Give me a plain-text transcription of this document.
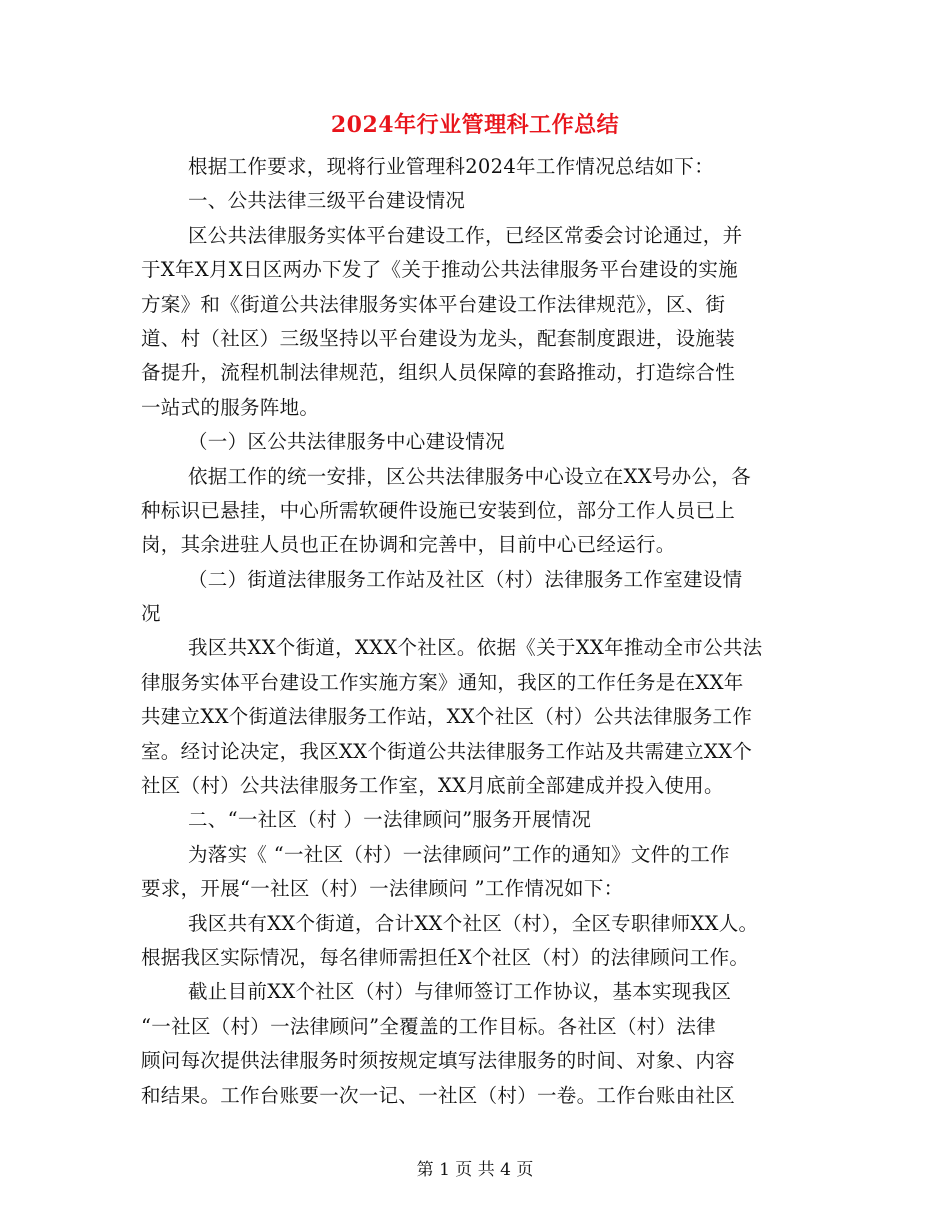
2024年行业管理科工作总结
根据工作要求，现将行业管理科2024年工作情况总结如下：
一、公共法律三级平台建设情况
区公共法律服务实体平台建设工作，已经区常委会讨论通过，并
于X年X月X日区两办下发了《关于推动公共法律服务平台建设的实施
方案》和《街道公共法律服务实体平台建设工作法律规范》，区、街
道、村（社区）三级坚持以平台建设为龙头，配套制度跟进，设施装
备提升，流程机制法律规范，组织人员保障的套路推动，打造综合性
一站式的服务阵地。
（一）区公共法律服务中心建设情况
依据工作的统一安排，区公共法律服务中心设立在XX号办公，各
种标识已悬挂，中心所需软硬件设施已安装到位，部分工作人员已上
岗，其余进驻人员也正在协调和完善中，目前中心已经运行。
（二）街道法律服务工作站及社区（村）法律服务工作室建设情
况
我区共XX个街道，XXX个社区。依据《关于XX年推动全市公共法
律服务实体平台建设工作实施方案》通知，我区的工作任务是在XX年
共建立XX个街道法律服务工作站，XX个社区（村）公共法律服务工作
室。经讨论决定，我区XX个街道公共法律服务工作站及共需建立XX个
社区（村）公共法律服务工作室，XX月底前全部建成并投入使用。
二、“一社区（村 ）一法律顾问”服务开展情况
为落实《 “一社区（村）一法律顾问”工作的通知》文件的工作
要求，开展“一社区（村）一法律顾问 ”工作情况如下：
我区共有XX个街道，合计XX个社区（村），全区专职律师XX人。
根据我区实际情况，每名律师需担任X个社区（村）的法律顾问工作。
截止目前XX个社区（村）与律师签订工作协议，基本实现我区
“一社区（村）一法律顾问”全覆盖的工作目标。各社区（村）法律
顾问每次提供法律服务时须按规定填写法律服务的时间、对象、内容
和结果。工作台账要一次一记、一社区（村）一卷。工作台账由社区
第 1 页 共 4 页
